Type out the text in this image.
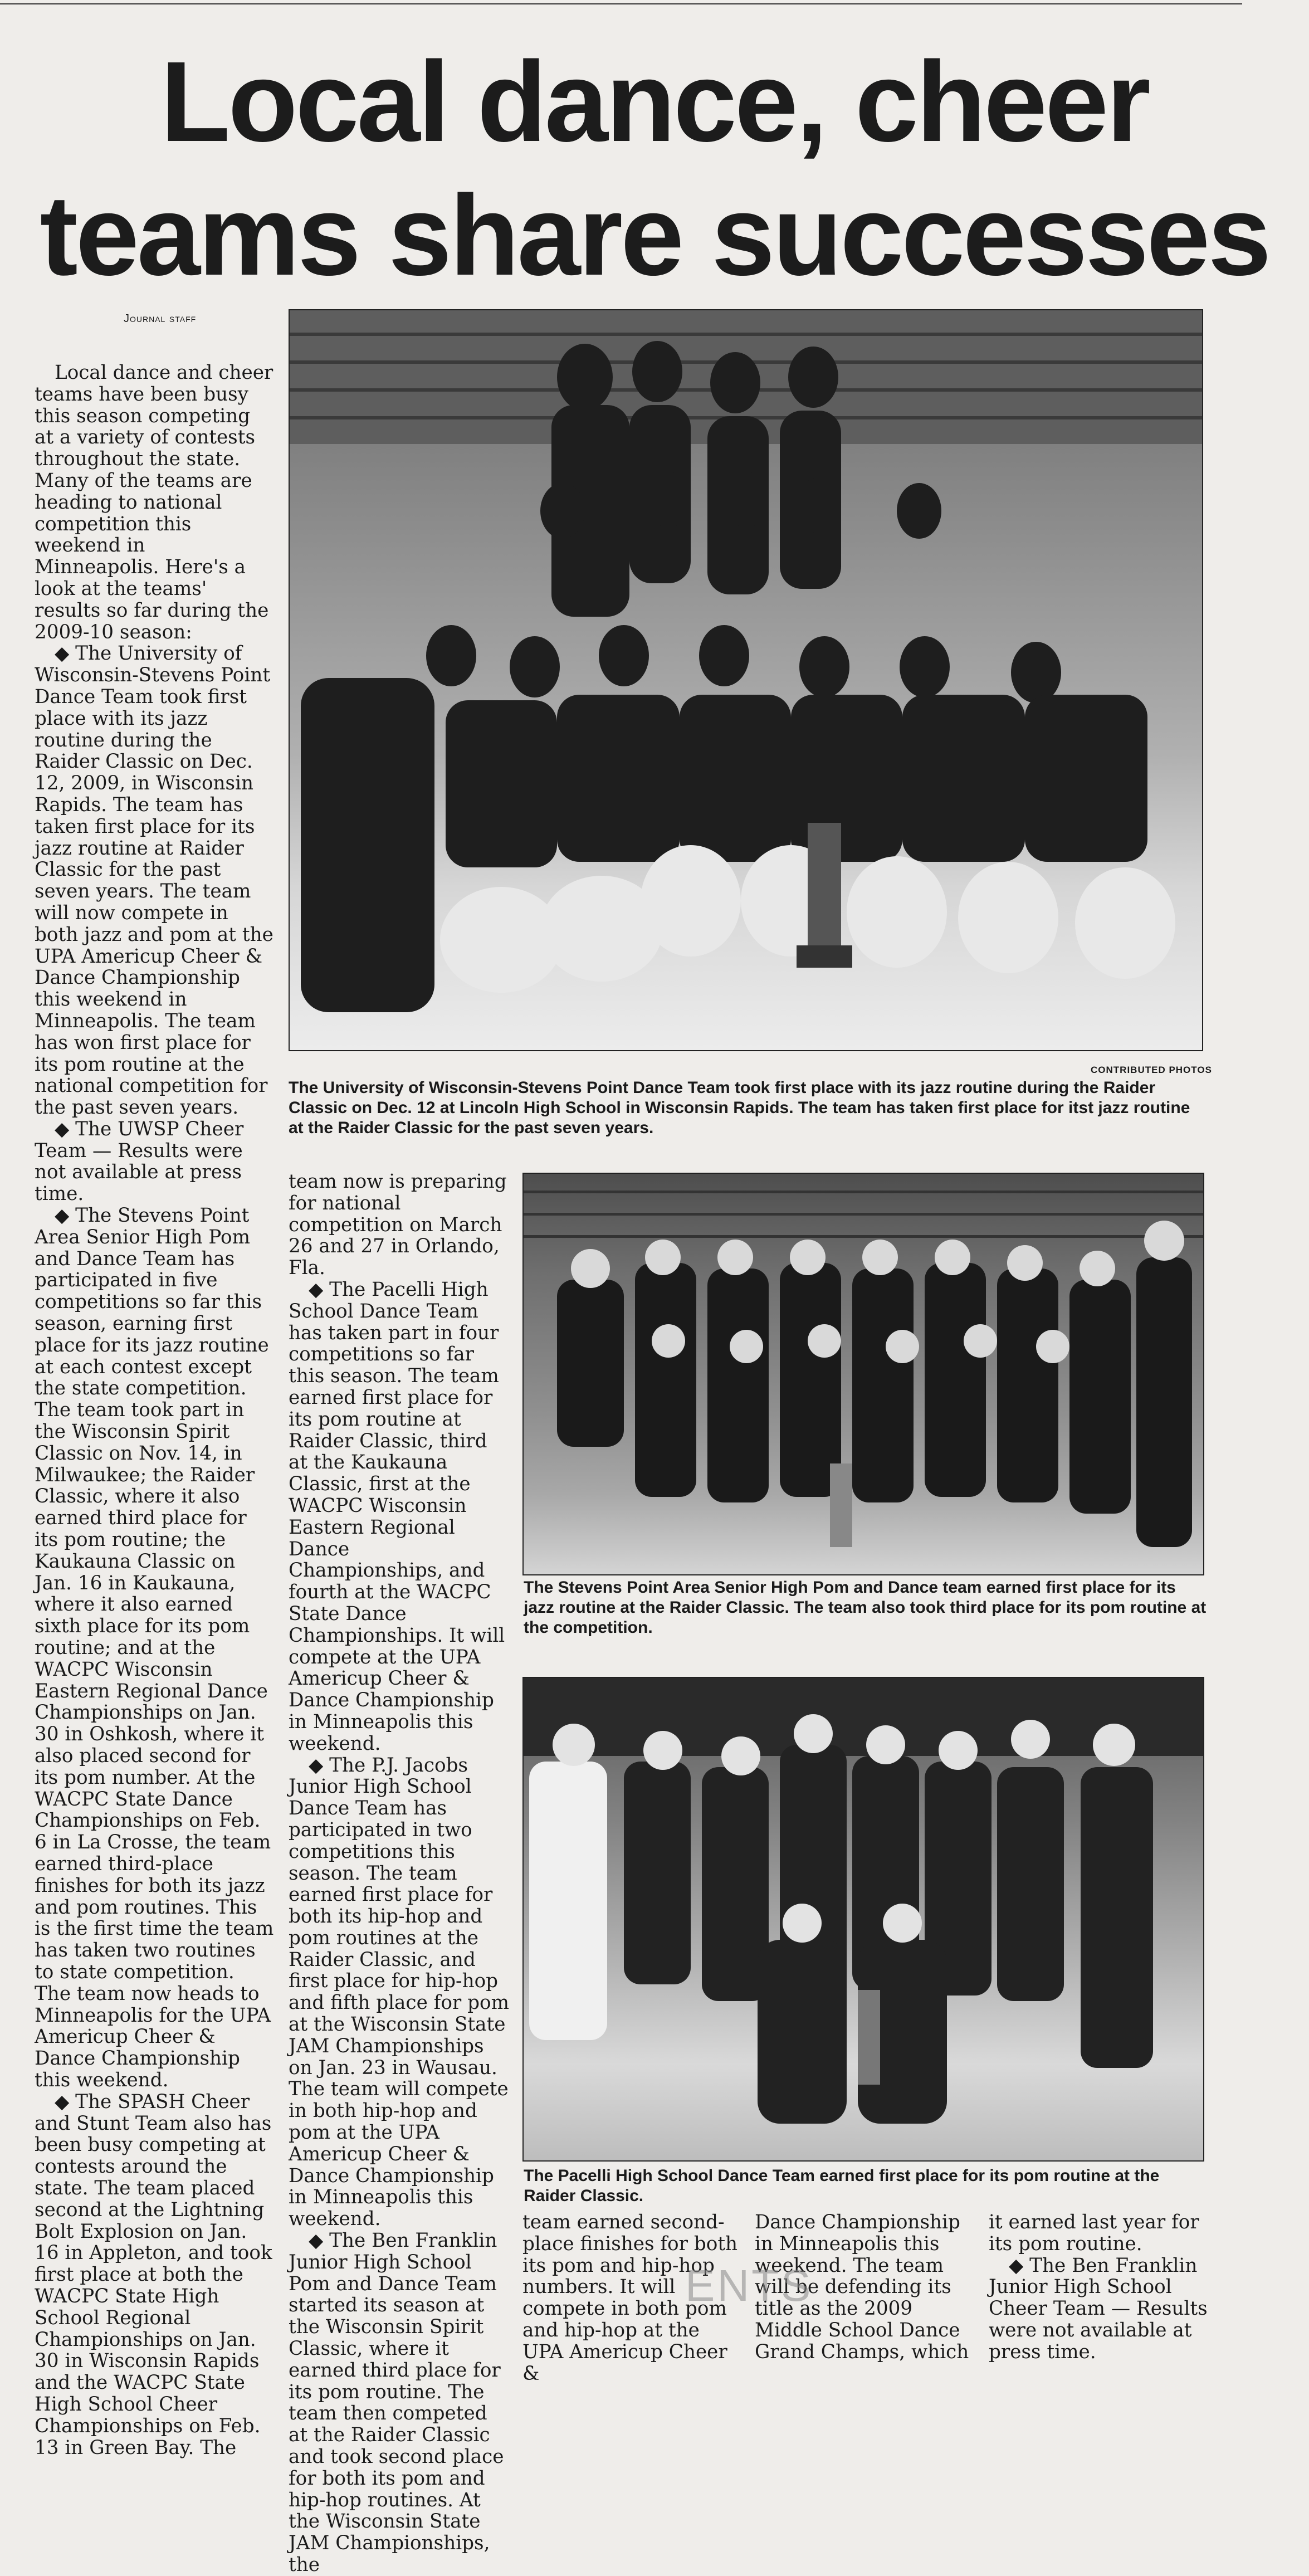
Local dance, cheer
teams share successes
Journal staff

Local dance and cheer teams have been busy this season competing at a variety of contests throughout the state. Many of the teams are heading to national competition this weekend in Minneapolis. Here's a look at the teams' results so far during the 2009-10 season:

◆ The University of Wisconsin-Stevens Point Dance Team took first place with its jazz routine during the Raider Classic on Dec. 12, 2009, in Wisconsin Rapids. The team has taken first place for its jazz routine at Raider Classic for the past seven years. The team will now compete in both jazz and pom at the UPA Americup Cheer & Dance Championship this weekend in Minneapolis. The team has won first place for its pom routine at the national competition for the past seven years.

◆ The UWSP Cheer Team — Results were not available at press time.

◆ The Stevens Point Area Senior High Pom and Dance Team has participated in five competitions so far this season, earning first place for its jazz routine at each contest except the state competition. The team took part in the Wisconsin Spirit Classic on Nov. 14, in Milwaukee; the Raider Classic, where it also earned third place for its pom routine; the Kaukauna Classic on Jan. 16 in Kaukauna, where it also earned sixth place for its pom routine; and at the WACPC Wisconsin Eastern Regional Dance Championships on Jan. 30 in Oshkosh, where it also placed second for its pom number. At the WACPC State Dance Championships on Feb. 6 in La Crosse, the team earned third-place finishes for both its jazz and pom routines. This is the first time the team has taken two routines to state competition. The team now heads to Minneapolis for the UPA Americup Cheer & Dance Championship this weekend.

◆ The SPASH Cheer and Stunt Team also has been busy competing at contests around the state. The team placed second at the Lightning Bolt Explosion on Jan. 16 in Appleton, and took first place at both the WACPC State High School Regional Championships on Jan. 30 in Wisconsin Rapids and the WACPC State High School Cheer Championships on Feb. 13 in Green Bay. The

CONTRIBUTED PHOTOS
The University of Wisconsin-Stevens Point Dance Team took first place with its jazz routine during the Raider Classic on Dec. 12 at Lincoln High School in Wisconsin Rapids. The team has taken first place for itst jazz routine at the Raider Classic for the past seven years.
The Stevens Point Area Senior High Pom and Dance team earned first place for its jazz routine at the Raider Classic. The team also took third place for its pom routine at the competition.
The Pacelli High School Dance Team earned first place for its pom routine at the Raider Classic.

team now is preparing for national competition on March 26 and 27 in Orlando, Fla.

◆ The Pacelli High School Dance Team has taken part in four competitions so far this season. The team earned first place for its pom routine at Raider Classic, third at the Kaukauna Classic, first at the WACPC Wisconsin Eastern Regional Dance Championships, and fourth at the WACPC State Dance Championships. It will compete at the UPA Americup Cheer & Dance Championship in Minneapolis this weekend.

◆ The P.J. Jacobs Junior High School Dance Team has participated in two competitions this season. The team earned first place for both its hip-hop and pom routines at the Raider Classic, and first place for hip-hop and fifth place for pom at the Wisconsin State JAM Championships on Jan. 23 in Wausau. The team will compete in both hip-hop and pom at the UPA Americup Cheer & Dance Championship in Minneapolis this weekend.

◆ The Ben Franklin Junior High School Pom and Dance Team started its season at the Wisconsin Spirit Classic, where it earned third place for its pom routine. The team then competed at the Raider Classic and took second place for both its pom and hip-hop routines. At the Wisconsin State JAM Championships, the

team earned second-place finishes for both its pom and hip-hop numbers. It will compete in both pom and hip-hop at the UPA Americup Cheer &

Dance Championship in Minneapolis this weekend. The team will be defending its title as the 2009 Middle School Dance Grand Champs, which

it earned last year for its pom routine.

◆ The Ben Franklin Junior High School Cheer Team — Results were not available at press time.

ENTS
